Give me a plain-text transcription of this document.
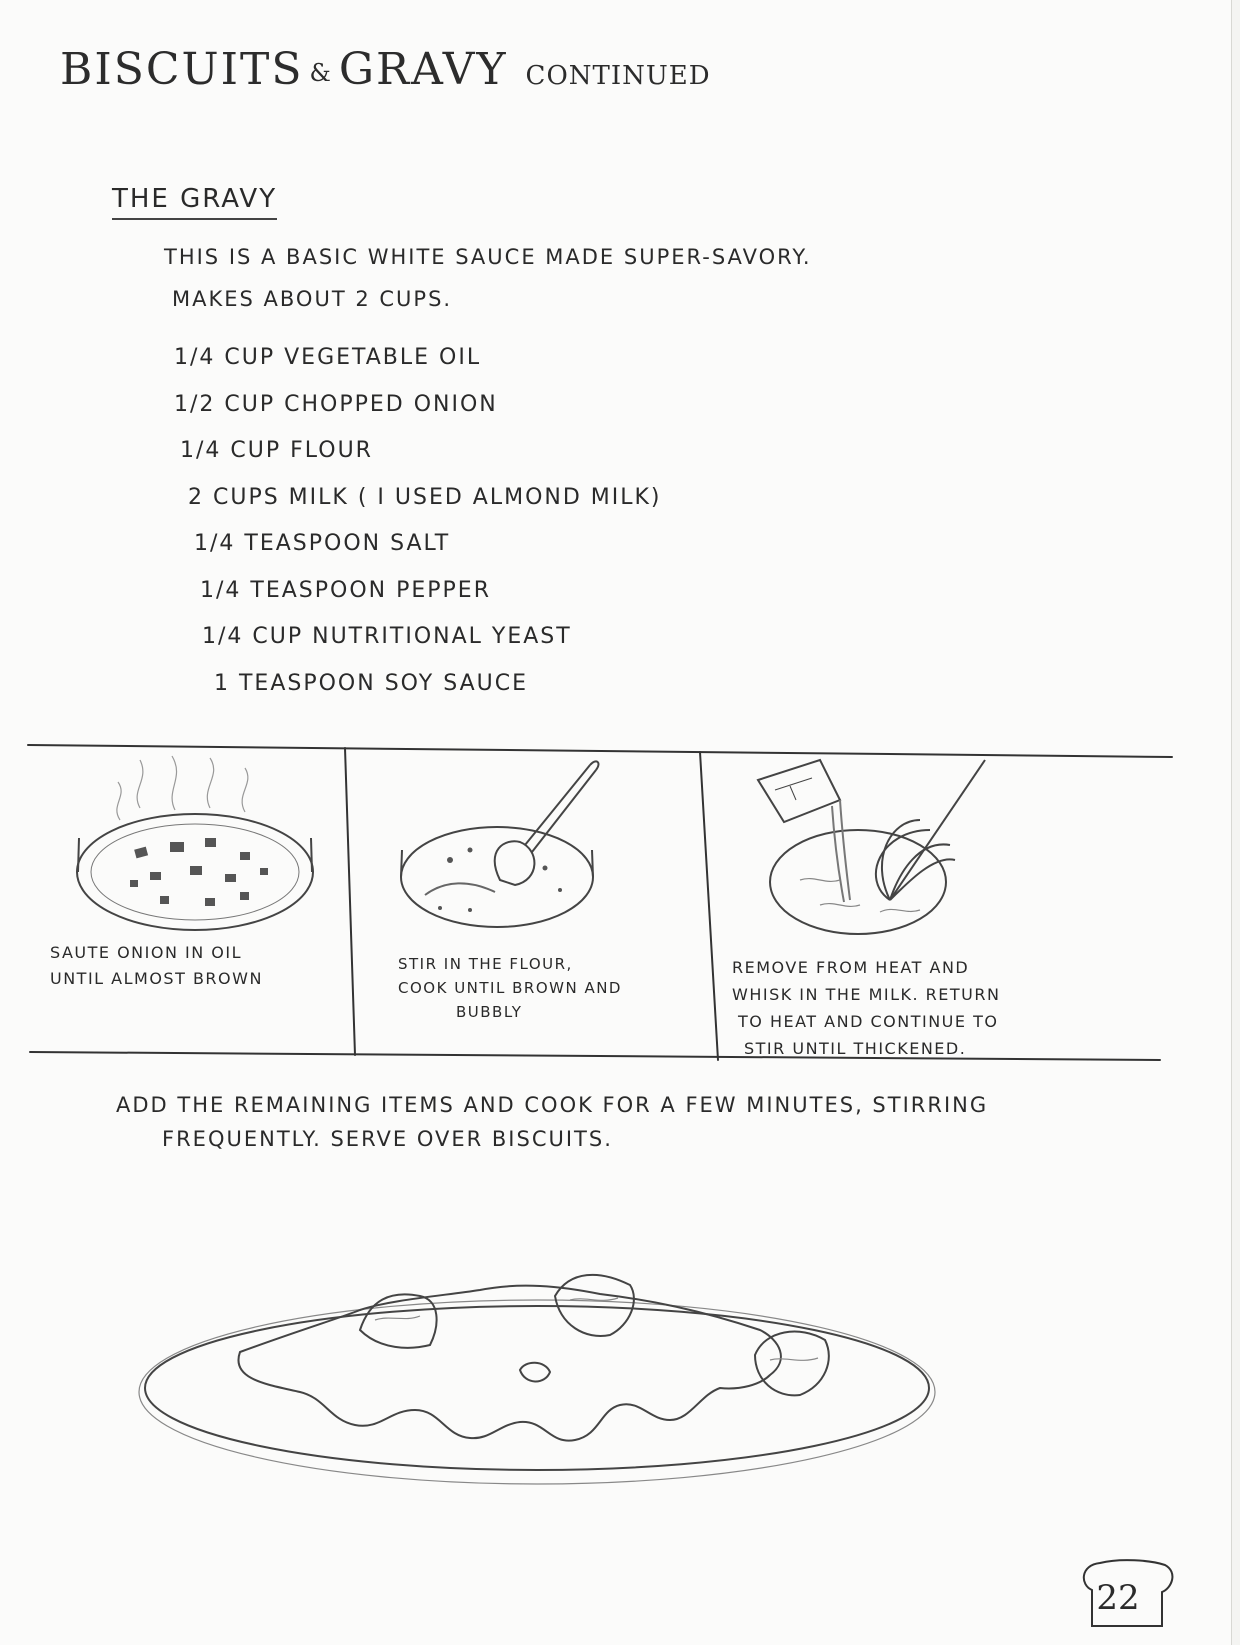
BISCUITS & GRAVY CONTINUED
THE GRAVY
THIS IS A BASIC WHITE SAUCE MADE SUPER-SAVORY.
MAKES ABOUT 2 CUPS.
1/4 CUP VEGETABLE OIL
1/2 CUP CHOPPED ONION
1/4 CUP FLOUR
2 CUPS MILK ( I USED ALMOND MILK)
1/4 TEASPOON SALT
1/4 TEASPOON PEPPER
1/4 CUP NUTRITIONAL YEAST
1 TEASPOON SOY SAUCE
SAUTE ONION IN OIL
UNTIL ALMOST BROWN
STIR IN THE FLOUR,
COOK UNTIL BROWN AND
BUBBLY
REMOVE FROM HEAT AND
WHISK IN THE MILK. RETURN
TO HEAT AND CONTINUE TO
STIR UNTIL THICKENED.
ADD THE REMAINING ITEMS AND COOK FOR A FEW MINUTES, STIRRING
FREQUENTLY. SERVE OVER BISCUITS.
22
